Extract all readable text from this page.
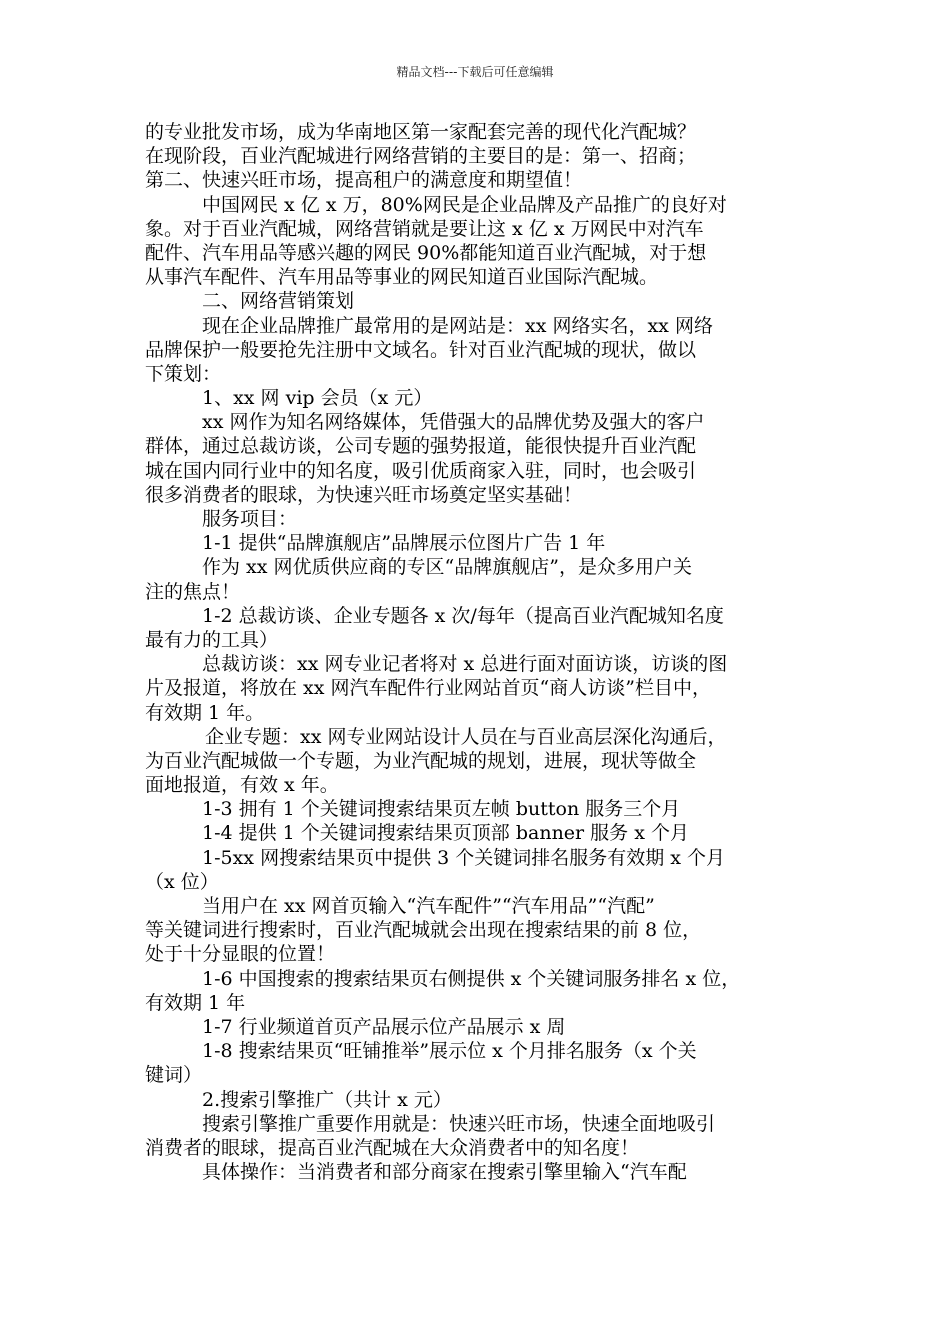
精品文档---下载后可任意编辑
的专业批发市场，成为华南地区第一家配套完善的现代化汽配城？
在现阶段，百业汽配城进行网络营销的主要目的是：第一、招商；
第二、快速兴旺市场，提高租户的满意度和期望值！
中国网民 x 亿 x 万，80%网民是企业品牌及产品推广的良好对
象。对于百业汽配城，网络营销就是要让这 x 亿 x 万网民中对汽车
配件、汽车用品等感兴趣的网民 90%都能知道百业汽配城，对于想
从事汽车配件、汽车用品等事业的网民知道百业国际汽配城。
二、网络营销策划
现在企业品牌推广最常用的是网站是：xx 网络实名，xx 网络
品牌保护一般要抢先注册中文域名。针对百业汽配城的现状，做以
下策划：
1、xx 网 vip 会员（x 元）
xx 网作为知名网络媒体，凭借强大的品牌优势及强大的客户
群体，通过总裁访谈，公司专题的强势报道，能很快提升百业汽配
城在国内同行业中的知名度，吸引优质商家入驻，同时，也会吸引
很多消费者的眼球，为快速兴旺市场奠定坚实基础！
服务项目：
1-1 提供“品牌旗舰店”品牌展示位图片广告 1 年
作为 xx 网优质供应商的专区“品牌旗舰店”，是众多用户关
注的焦点！
1-2 总裁访谈、企业专题各 x 次/每年（提高百业汽配城知名度
最有力的工具）
总裁访谈：xx 网专业记者将对 x 总进行面对面访谈，访谈的图
片及报道，将放在 xx 网汽车配件行业网站首页“商人访谈”栏目中，
有效期 1 年。
企业专题：xx 网专业网站设计人员在与百业高层深化沟通后，
为百业汽配城做一个专题，为业汽配城的规划，进展，现状等做全
面地报道，有效 x 年。
1-3 拥有 1 个关键词搜索结果页左帧 button 服务三个月
1-4 提供 1 个关键词搜索结果页顶部 banner 服务 x 个月
1-5xx 网搜索结果页中提供 3 个关键词排名服务有效期 x 个月
（x 位）
当用户在 xx 网首页输入“汽车配件”“汽车用品”“汽配”
等关键词进行搜索时，百业汽配城就会出现在搜索结果的前 8 位，
处于十分显眼的位置！
1-6 中国搜索的搜索结果页右侧提供 x 个关键词服务排名 x 位，
有效期 1 年
1-7 行业频道首页产品展示位产品展示 x 周
1-8 搜索结果页“旺铺推举”展示位 x 个月排名服务（x 个关
键词）
2.搜索引擎推广（共计 x 元）
搜索引擎推广重要作用就是：快速兴旺市场，快速全面地吸引
消费者的眼球，提高百业汽配城在大众消费者中的知名度！
具体操作：当消费者和部分商家在搜索引擎里输入“汽车配
